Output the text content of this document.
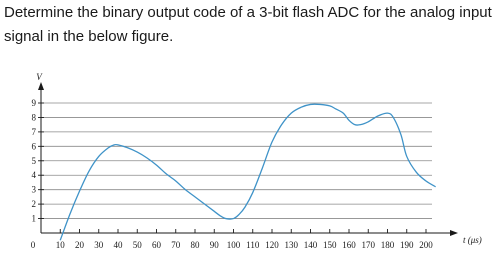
Determine the binary output code of a 3-bit flash ADC for the analog input signal in the below figure.

0 10 20 30 40 50 60 70 80 90 100 110 120 130 140 150 160 170 180 190 200
1
2
3
4
5
6
7
8
9
V
t (μs)
